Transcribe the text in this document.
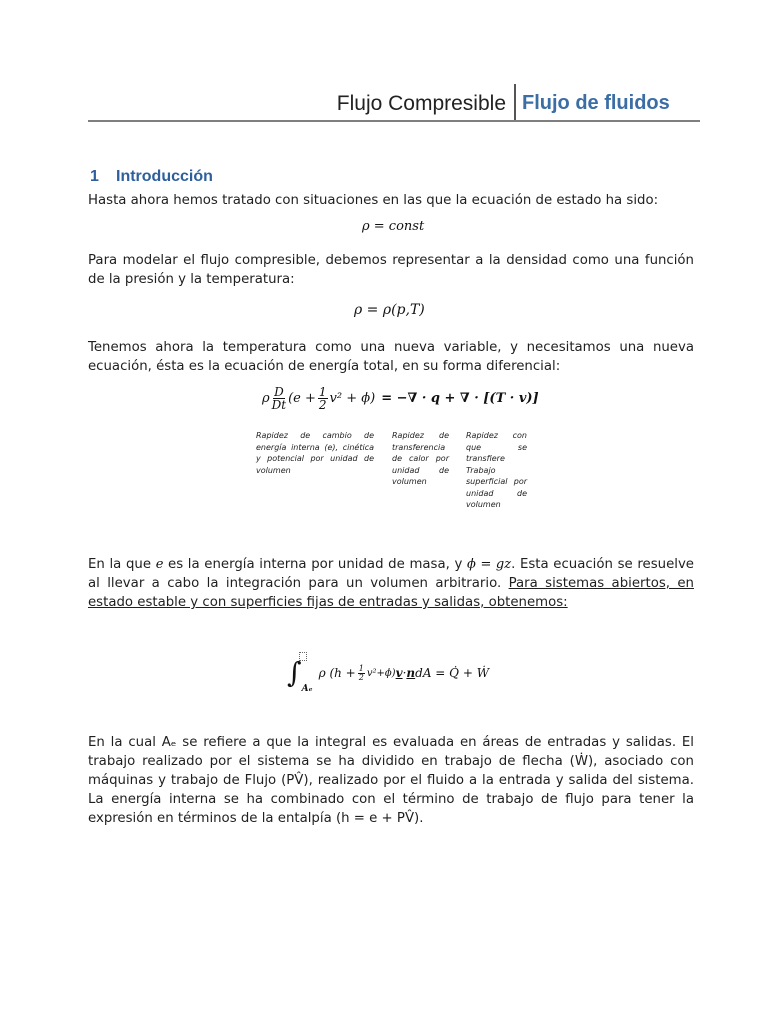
Flujo Compresible Flujo de fluidos
1 Introducción
Hasta ahora hemos tratado con situaciones en las que la ecuación de estado ha sido:
ρ = const
Para modelar el flujo compresible, debemos representar a la densidad como una función de la presión y la temperatura:
ρ = ρ(p,T)
Tenemos ahora la temperatura como una nueva variable, y necesitamos una nueva ecuación, ésta es la ecuación de energía total, en su forma diferencial:
ρ $\frac{D}{Dt} (e + \frac{1}{2} v^2 + \phi)$ = −∇ · q + ∇ · [(T · v)]
Rapidez de cambio de energía interna (e), cinética y potencial por unidad de volumen
Rapidez de transferencia de calor por unidad de volumen
Rapidez con que se transfiere Trabajo superficial por unidad de volumen
En la que e es la energía interna por unidad de masa, y ϕ = gz. Esta ecuación se resuelve al llevar a cabo la integración para un volumen arbitrario. Para sistemas abiertos, en estado estable y con superficies fijas de entradas y salidas, obtenemos:
∫ Aₑ
ρ $(h + \frac{1}{2} v^2+\phi)$ v · n dA = Q̇ + Ẇ
En la cual Aₑ se refiere a que la integral es evaluada en áreas de entradas y salidas. El trabajo realizado por el sistema se ha dividido en trabajo de flecha (Ẇ), asociado con máquinas y trabajo de Flujo (PV̂), realizado por el fluido a la entrada y salida del sistema. La energía interna se ha combinado con el término de trabajo de flujo para tener la expresión en términos de la entalpía (h = e + PV̂).
